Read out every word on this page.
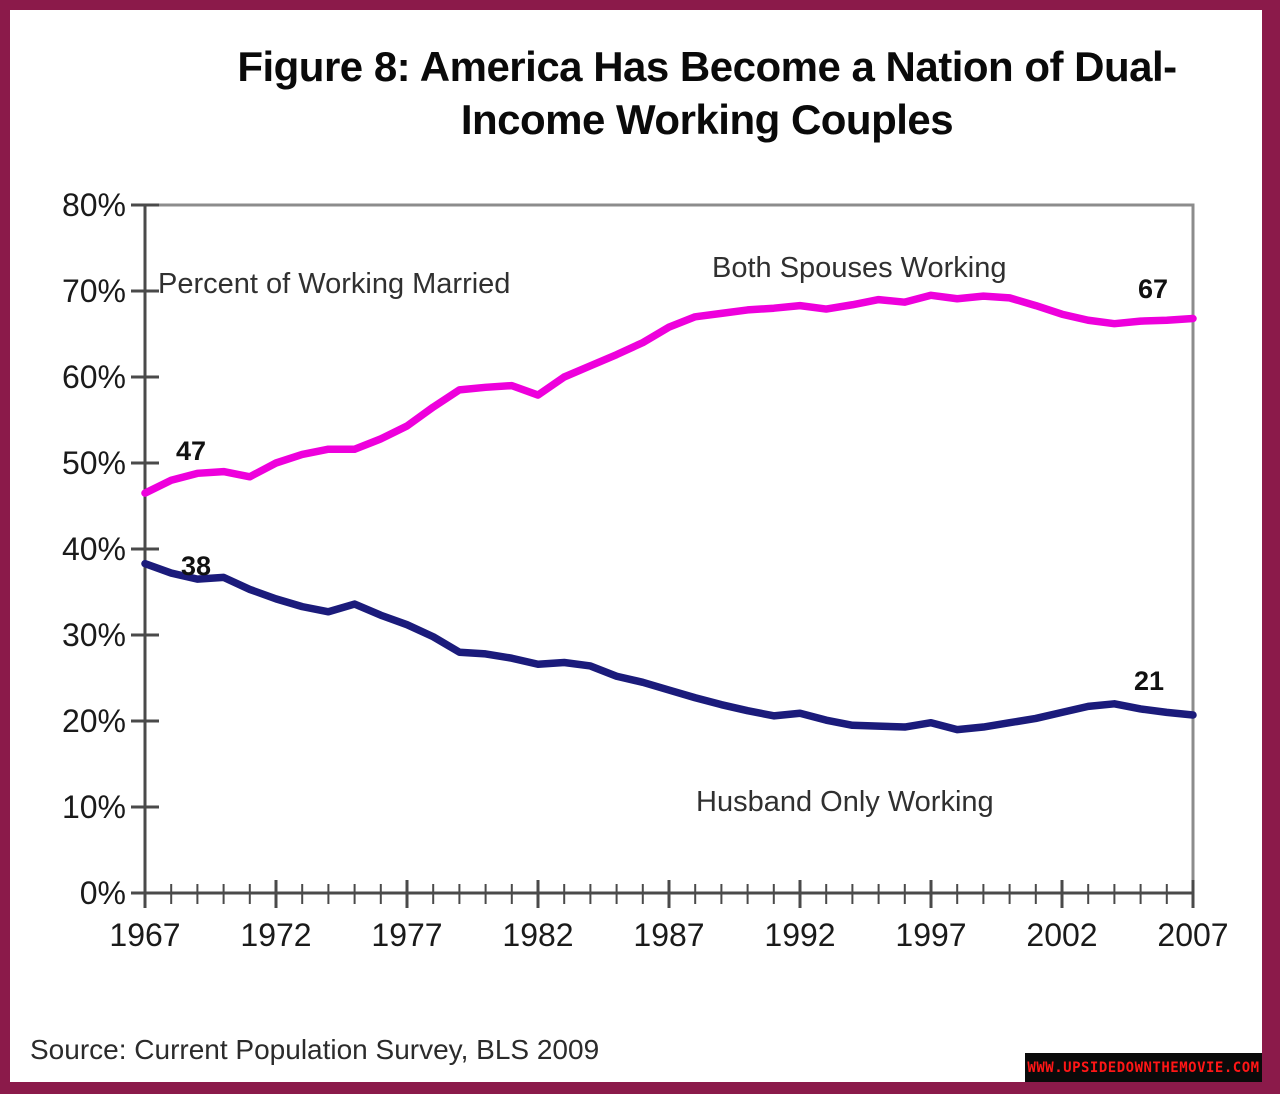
Figure 8: America Has Become a Nation of Dual-
Income Working Couples
0%
10%
20%
30%
40%
50%
60%
70%
80%
1967 1972 1977 1982 1987 1992 1997 2002 2007
Percent of Working Married	Both Spouses Working
Husband Only Working
47
38
67
21
Source: Current Population Survey, BLS 2009
WWW.UPSIDEDOWNTHEMOVIE.COM
